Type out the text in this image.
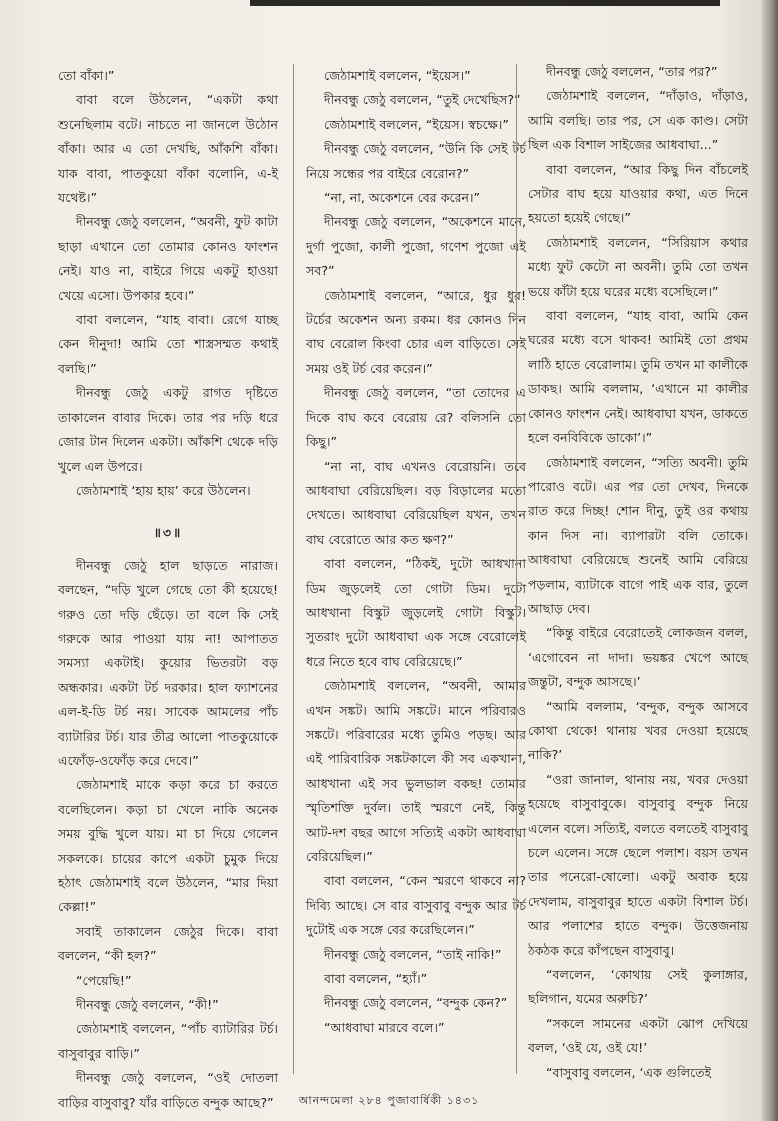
তো বাঁকা।”

বাবা বলে উঠলেন, “একটা কথা শুনেছিলাম বটে। নাচতে না জানলে উঠোন বাঁকা। আর এ তো দেখছি, আঁকশি বাঁকা। যাক বাবা, পাতকুয়ো বাঁকা বলোনি, এ-ই যথেষ্ট।”

দীনবন্ধু জেঠু বললেন, “অবনী, ফুট কাটা ছাড়া এখানে তো তোমার কোনও ফাংশন নেই। যাও না, বাইরে গিয়ে একটু হাওয়া খেয়ে এসো। উপকার হবে।”

বাবা বললেন, “যাহ বাবা। রেগে যাচ্ছ কেন দীনুদা! আমি তো শাস্ত্রসম্মত কথাই বলছি।”

দীনবন্ধু জেঠু একটু রাগত দৃষ্টিতে তাকালেন বাবার দিকে। তার পর দড়ি ধরে জোর টান দিলেন একটা। আঁকশি থেকে দড়ি খুলে এল উপরে।

জেঠামশাই ‘হায় হায়’ করে উঠলেন।

॥৩॥

দীনবন্ধু জেঠু হাল ছাড়তে নারাজ। বলছেন, “দড়ি খুলে গেছে তো কী হয়েছে! গরুও তো দড়ি ছেঁড়ে। তা বলে কি সেই গরুকে আর পাওয়া যায় না! আপাতত সমস্যা একটাই। কুয়োর ভিতরটা বড় অন্ধকার। একটা টর্চ দরকার। হাল ফ্যাশনের এল-ই-ডি টর্চ নয়। সাবেক আমলের পাঁচ ব্যাটারির টর্চ। যার তীব্র আলো পাতকুয়োকে এফোঁড়-ওফোঁড় করে দেবে।”

জেঠামশাই মাকে কড়া করে চা করতে বলেছিলেন। কড়া চা খেলে নাকি অনেক সময় বুদ্ধি খুলে যায়। মা চা দিয়ে গেলেন সকলকে। চায়ের কাপে একটা চুমুক দিয়ে হঠাৎ জেঠামশাই বলে উঠলেন, “মার দিয়া কেল্লা!”

সবাই তাকালেন জেঠুর দিকে। বাবা বললেন, “কী হল?”

“পেয়েছি!”

দীনবন্ধু জেঠু বললেন, “কী!”

জেঠামশাই বললেন, “পাঁচ ব্যাটারির টর্চ। বাসুবাবুর বাড়ি।”

দীনবন্ধু জেঠু বললেন, “ওই দোতলা বাড়ির বাসুবাবু? যাঁর বাড়িতে বন্দুক আছে?”

জেঠামশাই বললেন, “ইয়েস।”

দীনবন্ধু জেঠু বললেন, “তুই দেখেছিস?”

জেঠামশাই বললেন, “ইয়েস। স্বচক্ষে।”

দীনবন্ধু জেঠু বললেন, “উনি কি সেই টর্চ নিয়ে সন্ধের পর বাইরে বেরোন?”

“না, না, অকেশনে বের করেন।”

দীনবন্ধু জেঠু বললেন, “অকেশনে মানে, দুর্গা পুজো, কালী পুজো, গণেশ পুজো এই সব?”

জেঠামশাই বললেন, “আরে, ধুর ধুর! টর্চের অকেশন অন্য রকম। ধর কোনও দিন বাঘ বেরোল কিংবা চোর এল বাড়িতে। সেই সময় ওই টর্চ বের করেন।”

দীনবন্ধু জেঠু বললেন, “তা তোদের এ দিকে বাঘ কবে বেরোয় রে? বলিসনি তো কিছু।”

“না না, বাঘ এখনও বেরোয়নি। তবে আধবাঘা বেরিয়েছিল। বড় বিড়ালের মতো দেখতে। আধবাঘা বেরিয়েছিল যখন, তখন বাঘ বেরোতে আর কত ক্ষণ?”

বাবা বললেন, “ঠিকই, দুটো আধখানা ডিম জুড়লেই তো গোটা ডিম। দুটো আধখানা বিস্কুট জুড়লেই গোটা বিস্কুট। সুতরাং দুটো আধবাঘা এক সঙ্গে বেরোলেই ধরে নিতে হবে বাঘ বেরিয়েছে।”

জেঠামশাই বললেন, “অবনী, আমার এখন সঙ্কট। আমি সঙ্কটে। মানে পরিবারও সঙ্কটে। পরিবারের মধ্যে তুমিও পড়ছ। আর এই পারিবারিক সঙ্কটকালে কী সব একখানা, আধখানা এই সব ভুলভাল বকছ! তোমার স্মৃতিশক্তি দুর্বল। তাই স্মরণে নেই, কিন্তু আট-দশ বছর আগে সত্যিই একটা আধবাঘা বেরিয়েছিল।”

বাবা বললেন, “কেন স্মরণে থাকবে না? দিব্যি আছে। সে বার বাসুবাবু বন্দুক আর টর্চ দুটোই এক সঙ্গে বের করেছিলেন।”

দীনবন্ধু জেঠু বললেন, “তাই নাকি!”

বাবা বললেন, “হ্যাঁ।”

দীনবন্ধু জেঠু বললেন, “বন্দুক কেন?”

“আধবাঘা মারবে বলে।”

দীনবন্ধু জেঠু বললেন, “তার পর?”

জেঠামশাই বললেন, “দাঁড়াও, দাঁড়াও, আমি বলছি। তার পর, সে এক কাণ্ড। সেটা ছিল এক বিশাল সাইজের আধবাঘা...”

বাবা বললেন, “আর কিছু দিন বাঁচলেই সেটার বাঘ হয়ে যাওয়ার কথা, এত দিনে হয়তো হয়েই গেছে।”

জেঠামশাই বললেন, “সিরিয়াস কথার মধ্যে ফুট কেটো না অবনী। তুমি তো তখন ভয়ে কাঁটা হয়ে ঘরের মধ্যে বসেছিলে।”

বাবা বললেন, “যাহ বাবা, আমি কেন ঘরের মধ্যে বসে থাকব! আমিই তো প্রথম লাঠি হাতে বেরোলাম। তুমি তখন মা কালীকে ডাকছ। আমি বললাম, ‘এখানে মা কালীর কোনও ফাংশন নেই। আধবাঘা যখন, ডাকতে হলে বনবিবিকে ডাকো’।”

জেঠামশাই বললেন, “সত্যি অবনী। তুমি পারোও বটে। এর পর তো দেখব, দিনকে রাত করে দিচ্ছ! শোন দীনু, তুই ওর কথায় কান দিস না। ব্যাপারটা বলি তোকে। আধবাঘা বেরিয়েছে শুনেই আমি বেরিয়ে পড়লাম, ব্যাটাকে বাগে পাই এক বার, তুলে আছাড় দেব।

“কিন্তু বাইরে বেরোতেই লোকজন বলল, ‘এগোবেন না দাদা। ভয়ঙ্কর খেপে আছে জন্তুটা, বন্দুক আসছে।’

“আমি বললাম, ‘বন্দুক, বন্দুক আসবে কোথা থেকে! থানায় খবর দেওয়া হয়েছে নাকি?’

“ওরা জানাল, থানায় নয়, খবর দেওয়া হয়েছে বাসুবাবুকে। বাসুবাবু বন্দুক নিয়ে এলেন বলে। সত্যিই, বলতে বলতেই বাসুবাবু চলে এলেন। সঙ্গে ছেলে পলাশ। বয়স তখন তার পনেরো-ষোলো। একটু অবাক হয়ে দেখলাম, বাসুবাবুর হাতে একটা বিশাল টর্চ। আর পলাশের হাতে বন্দুক। উত্তেজনায় ঠকঠক করে কাঁপছেন বাসুবাবু।

“বললেন, ‘কোথায় সেই কুলাঙ্গার, ছলিগান, যমের অরুচি?’

“সকলে সামনের একটা ঝোপ দেখিয়ে বলল, ‘ওই যে, ওই যে!’

“বাসুবাবু বললেন, ‘এক গুলিতেই

আনন্দমেলা ২৮৪ পুজাবার্ষিকী ১৪৩১
